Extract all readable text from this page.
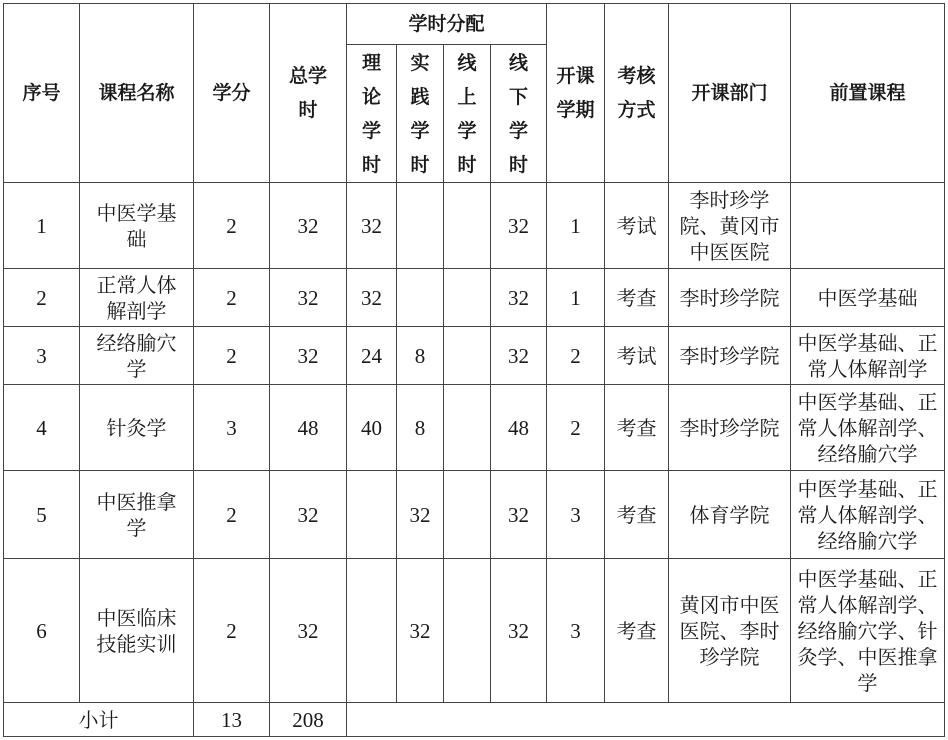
序号	课程名称	学分	总学时	学时分配				开课学期	考核方式	开课部门	前置课程

				理论学时	实践学时	线上学时	线下学时				

1	中医学基础	2	32	32			32	1	考试	李时珍学院、黄冈市中医医院	

2	正常人体解剖学	2	32	32			32	1	考查	李时珍学院	中医学基础

3	经络腧穴学	2	32	24	8		32	2	考试	李时珍学院	中医学基础、正常人体解剖学

4	针灸学	3	48	40	8		48	2	考查	李时珍学院	中医学基础、正常人体解剖学、经络腧穴学

5	中医推拿学	2	32		32		32	3	考查	体育学院	中医学基础、正常人体解剖学、经络腧穴学

6	中医临床技能实训	2	32		32		32	3	考查	黄冈市中医医院、李时珍学院	中医学基础、正常人体解剖学、经络腧穴学、针灸学、中医推拿学

小计		13	208								
